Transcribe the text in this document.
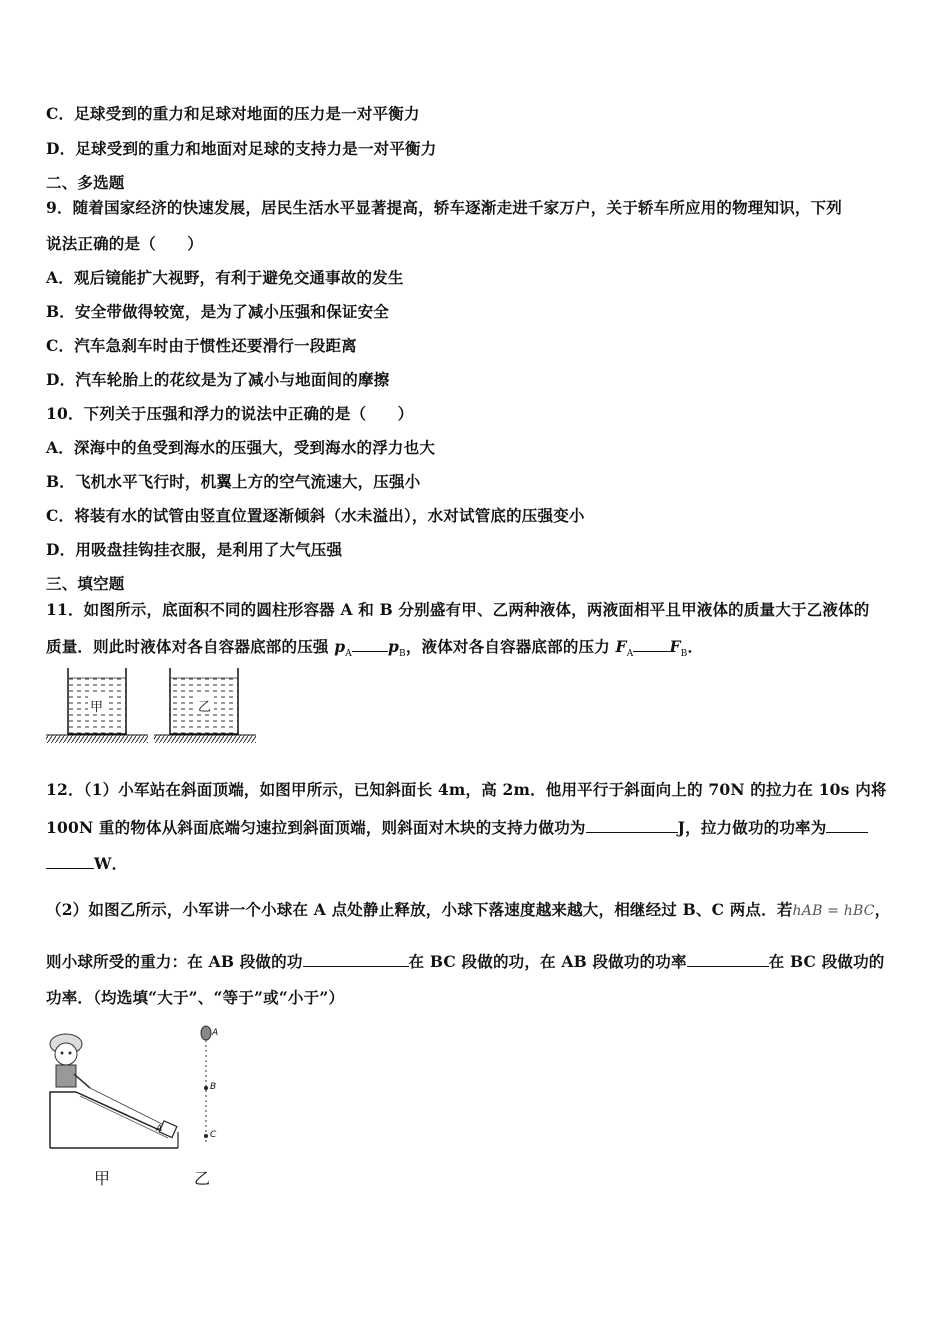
C．足球受到的重力和足球对地面的压力是一对平衡力
D．足球受到的重力和地面对足球的支持力是一对平衡力
二、多选题
9．随着国家经济的快速发展，居民生活水平显著提高，轿车逐渐走进千家万户，关于轿车所应用的物理知识，下列
说法正确的是（　　）
A．观后镜能扩大视野，有利于避免交通事故的发生
B．安全带做得较宽，是为了减小压强和保证安全
C．汽车急刹车时由于惯性还要滑行一段距离
D．汽车轮胎上的花纹是为了减小与地面间的摩擦
10．下列关于压强和浮力的说法中正确的是（　　）
A．深海中的鱼受到海水的压强大，受到海水的浮力也大
B．飞机水平飞行时，机翼上方的空气流速大，压强小
C．将装有水的试管由竖直位置逐渐倾斜（水未溢出），水对试管底的压强变小
D．用吸盘挂钩挂衣服，是利用了大气压强
三、填空题
11．如图所示，底面积不同的圆柱形容器 A 和 B 分别盛有甲、乙两种液体，两液面相平且甲液体的质量大于乙液体的
质量．则此时液体对各自容器底部的压强 $p_A$ $p_B$，液体对各自容器底部的压力 $F_A$ $F_B$．
甲	乙
12．（1）小军站在斜面顶端，如图甲所示，已知斜面长 4m，高 2m．他用平行于斜面向上的 70N 的拉力在 10s 内将
100N 重的物体从斜面底端匀速拉到斜面顶端，则斜面对木块的支持力做功为	J，拉力做功的功率为
W．
（2）如图乙所示，小军讲一个小球在 A 点处静止释放，小球下落速度越来越大，相继经过 B、C 两点．若hAB = hBC，
则小球所受的重力：在 AB 段做的功	在 BC 段做的功，在 AB 段做功的功率	在 BC 段做功的
功率．（均选填“大于”、“等于”或“小于”）
A
A
B
C
甲	乙
